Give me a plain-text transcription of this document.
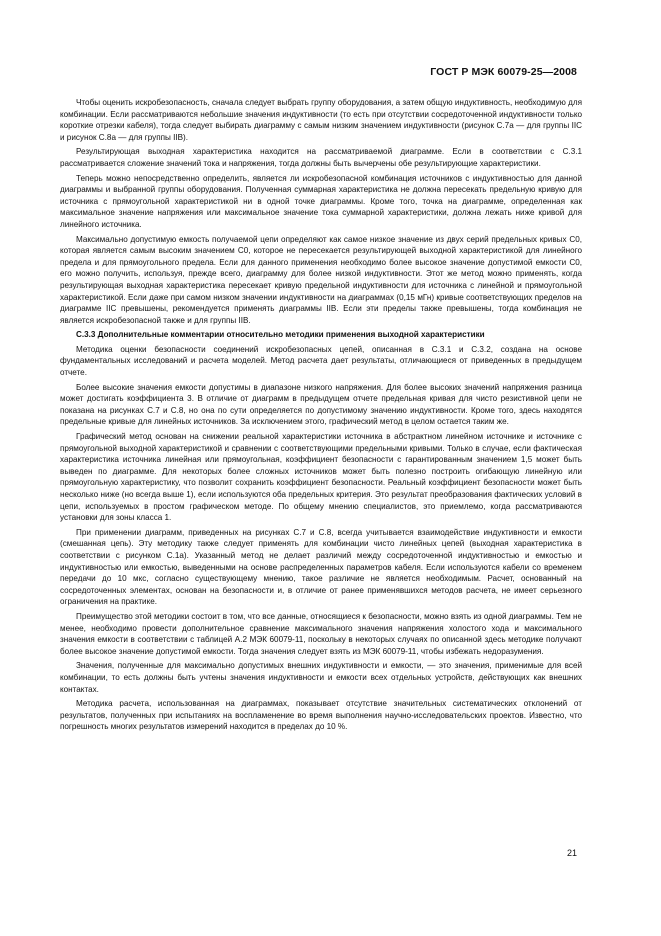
ГОСТ Р МЭК 60079-25—2008

Чтобы оценить искробезопасность, сначала следует выбрать группу оборудования, а затем общую индуктивность, необходимую для комбинации. Если рассматриваются небольшие значения индуктивности (то есть при отсутствии сосредоточенной индуктивности только короткие отрезки кабеля), тогда следует выбирать диаграмму с самым низким значением индуктивности (рисунок С.7а — для группы IIС и рисунок С.8а — для группы IIВ).

Результирующая выходная характеристика находится на рассматриваемой диаграмме. Если в соответствии с С.3.1 рассматривается сложение значений тока и напряжения, тогда должны быть вычерчены обе результирующие характеристики.

Теперь можно непосредственно определить, является ли искробезопасной комбинация источников с индуктивностью для данной диаграммы и выбранной группы оборудования. Полученная суммарная характеристика не должна пересекать предельную кривую для источника с прямоугольной характеристикой ни в одной точке диаграммы. Кроме того, точка на диаграмме, определенная как максимальное значение напряжения или максимальное значение тока суммарной характеристики, должна лежать ниже кривой для линейного источника.

Максимально допустимую емкость получаемой цепи определяют как самое низкое значение из двух серий предельных кривых С0, которая является самым высоким значением С0, которое не пересекается результирующей выходной характеристикой для линейного предела и для прямоугольного предела. Если для данного применения необходимо более высокое значение допустимой емкости С0, его можно получить, используя, прежде всего, диаграмму для более низкой индуктивности. Этот же метод можно применять, когда результирующая выходная характеристика пересекает кривую предельной индуктивности для источника с линейной и прямоугольной характеристикой. Если даже при самом низком значении индуктивности на диаграммах (0,15 мГн) кривые соответствующих пределов на диаграмме IIС превышены, рекомендуется применять диаграммы IIВ. Если эти пределы также превышены, тогда комбинация не является искробезопасной также и для группы IIВ.

С.3.3 Дополнительные комментарии относительно методики применения выходной характеристики

Методика оценки безопасности соединений искробезопасных цепей, описанная в С.3.1 и С.3.2, создана на основе фундаментальных исследований и расчета моделей. Метод расчета дает результаты, отличающиеся от приведенных в предыдущем отчете.

Более высокие значения емкости допустимы в диапазоне низкого напряжения. Для более высоких значений напряжения разница может достигать коэффициента 3. В отличие от диаграмм в предыдущем отчете предельная кривая для чисто резистивной цепи не показана на рисунках С.7 и С.8, но она по сути определяется по допустимому значению индуктивности. Кроме того, здесь находятся предельные кривые для линейных источников. За исключением этого, графический метод в целом остается таким же.

Графический метод основан на снижении реальной характеристики источника в абстрактном линейном источнике и источнике с прямоугольной выходной характеристикой и сравнении с соответствующими предельными кривыми. Только в случае, если фактическая характеристика источника линейная или прямоугольная, коэффициент безопасности с гарантированным значением 1,5 может быть выведен по диаграмме. Для некоторых более сложных источников может быть полезно построить огибающую линейную или прямоугольную характеристику, что позволит сохранить коэффициент безопасности. Реальный коэффициент безопасности может быть несколько ниже (но всегда выше 1), если используются оба предельных критерия. Это результат преобразования фактических условий в цепи, используемых в простом графическом методе. По общему мнению специалистов, это приемлемо, когда рассматриваются установки для зоны класса 1.

При применении диаграмм, приведенных на рисунках С.7 и С.8, всегда учитывается взаимодействие индуктивности и емкости (смешанная цепь). Эту методику также следует применять для комбинации чисто линейных цепей (выходная характеристика в соответствии с рисунком С.1а). Указанный метод не делает различий между сосредоточенной индуктивностью и емкостью и индуктивностью или емкостью, выведенными на основе распределенных параметров кабеля. Если используются кабели со временем передачи до 10 мкс, согласно существующему мнению, такое различие не является необходимым. Расчет, основанный на сосредоточенных элементах, основан на безопасности и, в отличие от ранее применявшихся методов расчета, не имеет серьезного ограничения на практике.

Преимущество этой методики состоит в том, что все данные, относящиеся к безопасности, можно взять из одной диаграммы. Тем не менее, необходимо провести дополнительное сравнение максимального значения напряжения холостого хода и максимального значения емкости в соответствии с таблицей А.2 МЭК 60079-11, поскольку в некоторых случаях по описанной здесь методике получают более высокое значение допустимой емкости. Тогда значения следует взять из МЭК 60079-11, чтобы избежать недоразумения.

Значения, полученные для максимально допустимых внешних индуктивности и емкости, — это значения, применимые для всей комбинации, то есть должны быть учтены значения индуктивности и емкости всех отдельных устройств, действующих как внешних контактах.

Методика расчета, использованная на диаграммах, показывает отсутствие значительных систематических отклонений от результатов, полученных при испытаниях на воспламенение во время выполнения научно-исследовательских проектов. Известно, что погрешность многих результатов измерений находится в пределах до 10 %.

21
